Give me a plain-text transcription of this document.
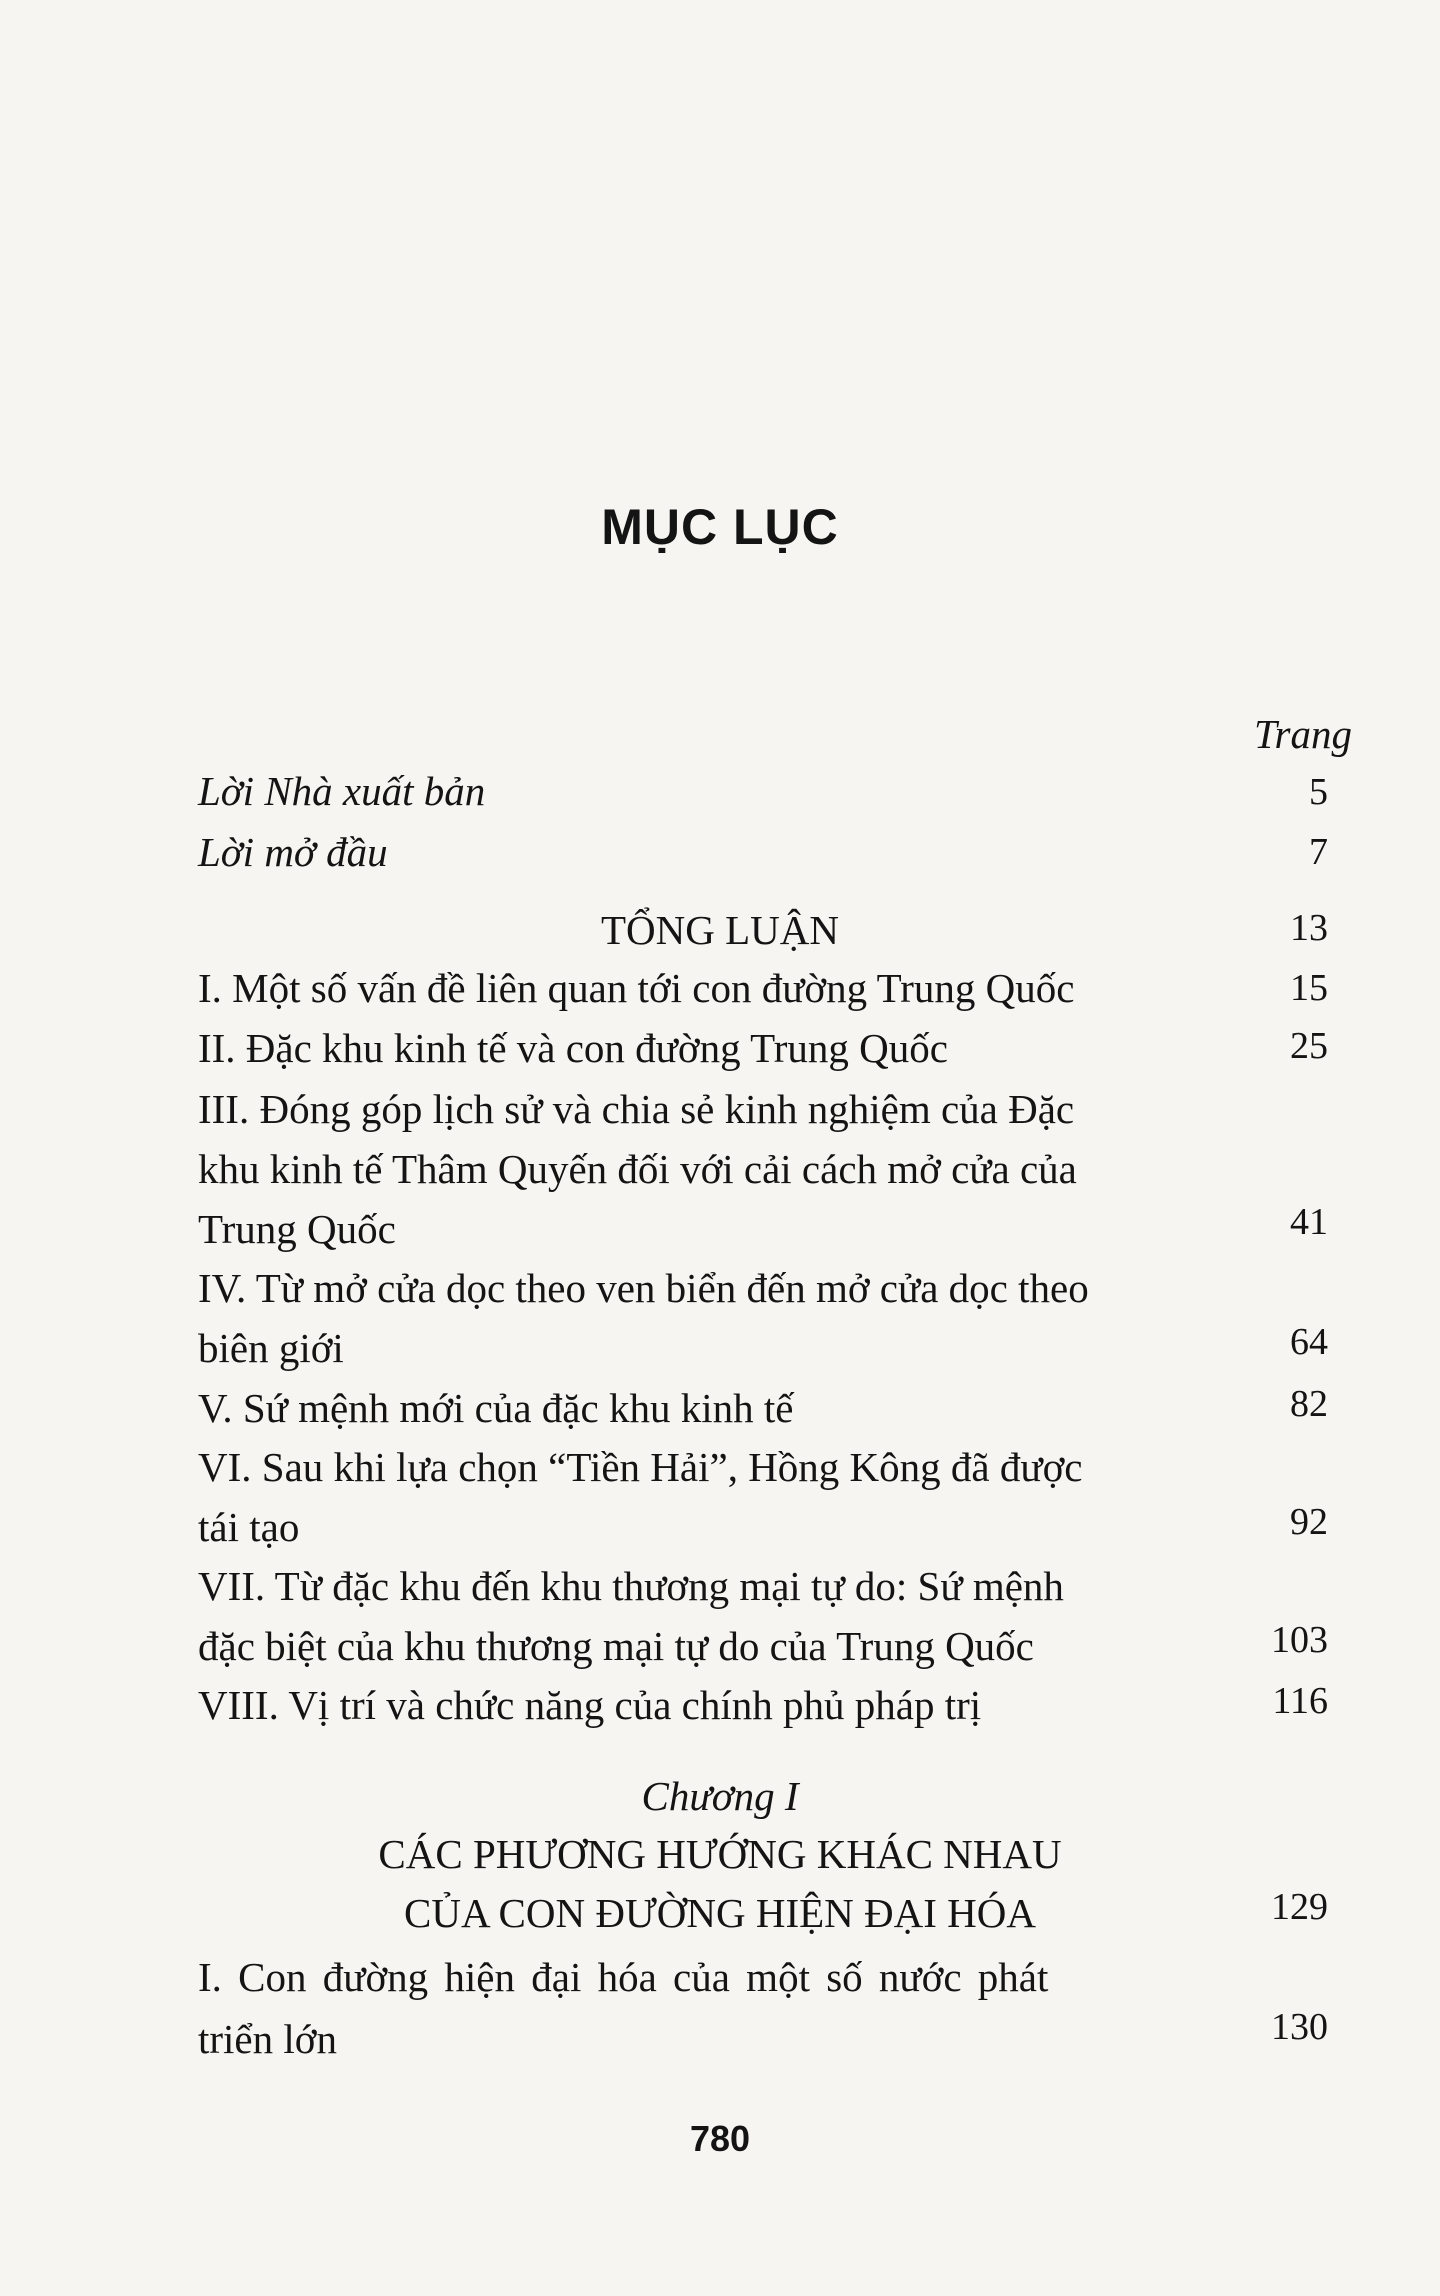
MỤC LỤC
Trang
Lời Nhà xuất bản	5
Lời mở đầu	7
TỔNG LUẬN	13
I. Một số vấn đề liên quan tới con đường Trung Quốc	15
II. Đặc khu kinh tế và con đường Trung Quốc	25
III. Đóng góp lịch sử và chia sẻ kinh nghiệm của Đặc
khu kinh tế Thâm Quyến đối với cải cách mở cửa của
Trung Quốc	41
IV. Từ mở cửa dọc theo ven biển đến mở cửa dọc theo
biên giới	64
V. Sứ mệnh mới của đặc khu kinh tế	82
VI. Sau khi lựa chọn “Tiền Hải”, Hồng Kông đã được
tái tạo	92
VII. Từ đặc khu đến khu thương mại tự do: Sứ mệnh
đặc biệt của khu thương mại tự do của Trung Quốc	103
VIII. Vị trí và chức năng của chính phủ pháp trị	116
Chương I
CÁC PHƯƠNG HƯỚNG KHÁC NHAU
CỦA CON ĐƯỜNG HIỆN ĐẠI HÓA	129
I. Con đường hiện đại hóa của một số nước phát
triển lớn	130
780
